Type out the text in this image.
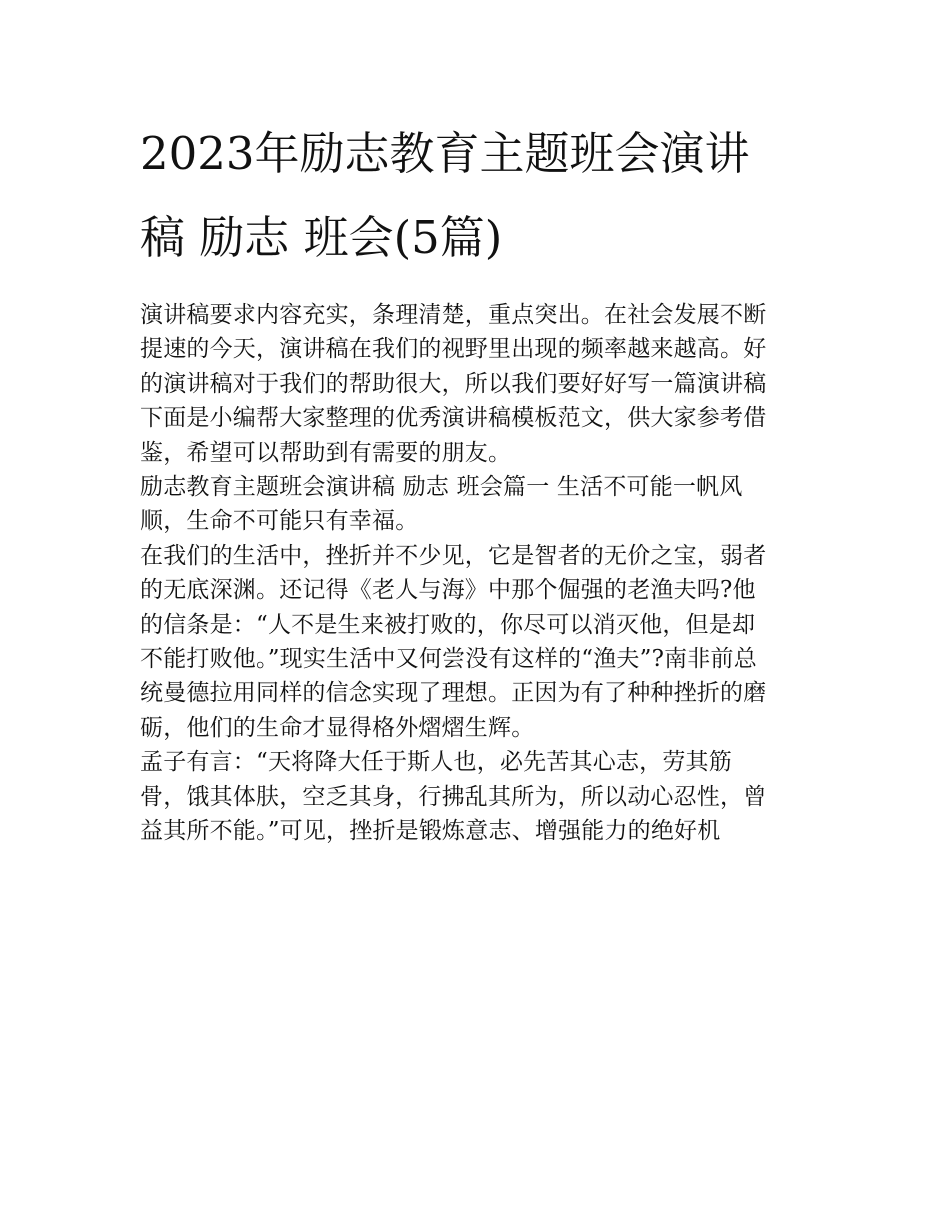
2023年励志教育主题班会演讲
稿 励志 班会(5篇)

演讲稿要求内容充实，条理清楚，重点突出。在社会发展不断
提速的今天，演讲稿在我们的视野里出现的频率越来越高。好
的演讲稿对于我们的帮助很大，所以我们要好好写一篇演讲稿
下面是小编帮大家整理的优秀演讲稿模板范文，供大家参考借
鉴，希望可以帮助到有需要的朋友。

励志教育主题班会演讲稿 励志 班会篇一 生活不可能一帆风
顺，生命不可能只有幸福。

在我们的生活中，挫折并不少见，它是智者的无价之宝，弱者
的无底深渊。还记得《老人与海》中那个倔强的老渔夫吗?他
的信条是：“人不是生来被打败的，你尽可以消灭他，但是却
不能打败他。”现实生活中又何尝没有这样的“渔夫”?南非前总
统曼德拉用同样的信念实现了理想。正因为有了种种挫折的磨
砺，他们的生命才显得格外熠熠生辉。

孟子有言：“天将降大任于斯人也，必先苦其心志，劳其筋
骨，饿其体肤，空乏其身，行拂乱其所为，所以动心忍性，曾
益其所不能。”可见，挫折是锻炼意志、增强能力的绝好机
